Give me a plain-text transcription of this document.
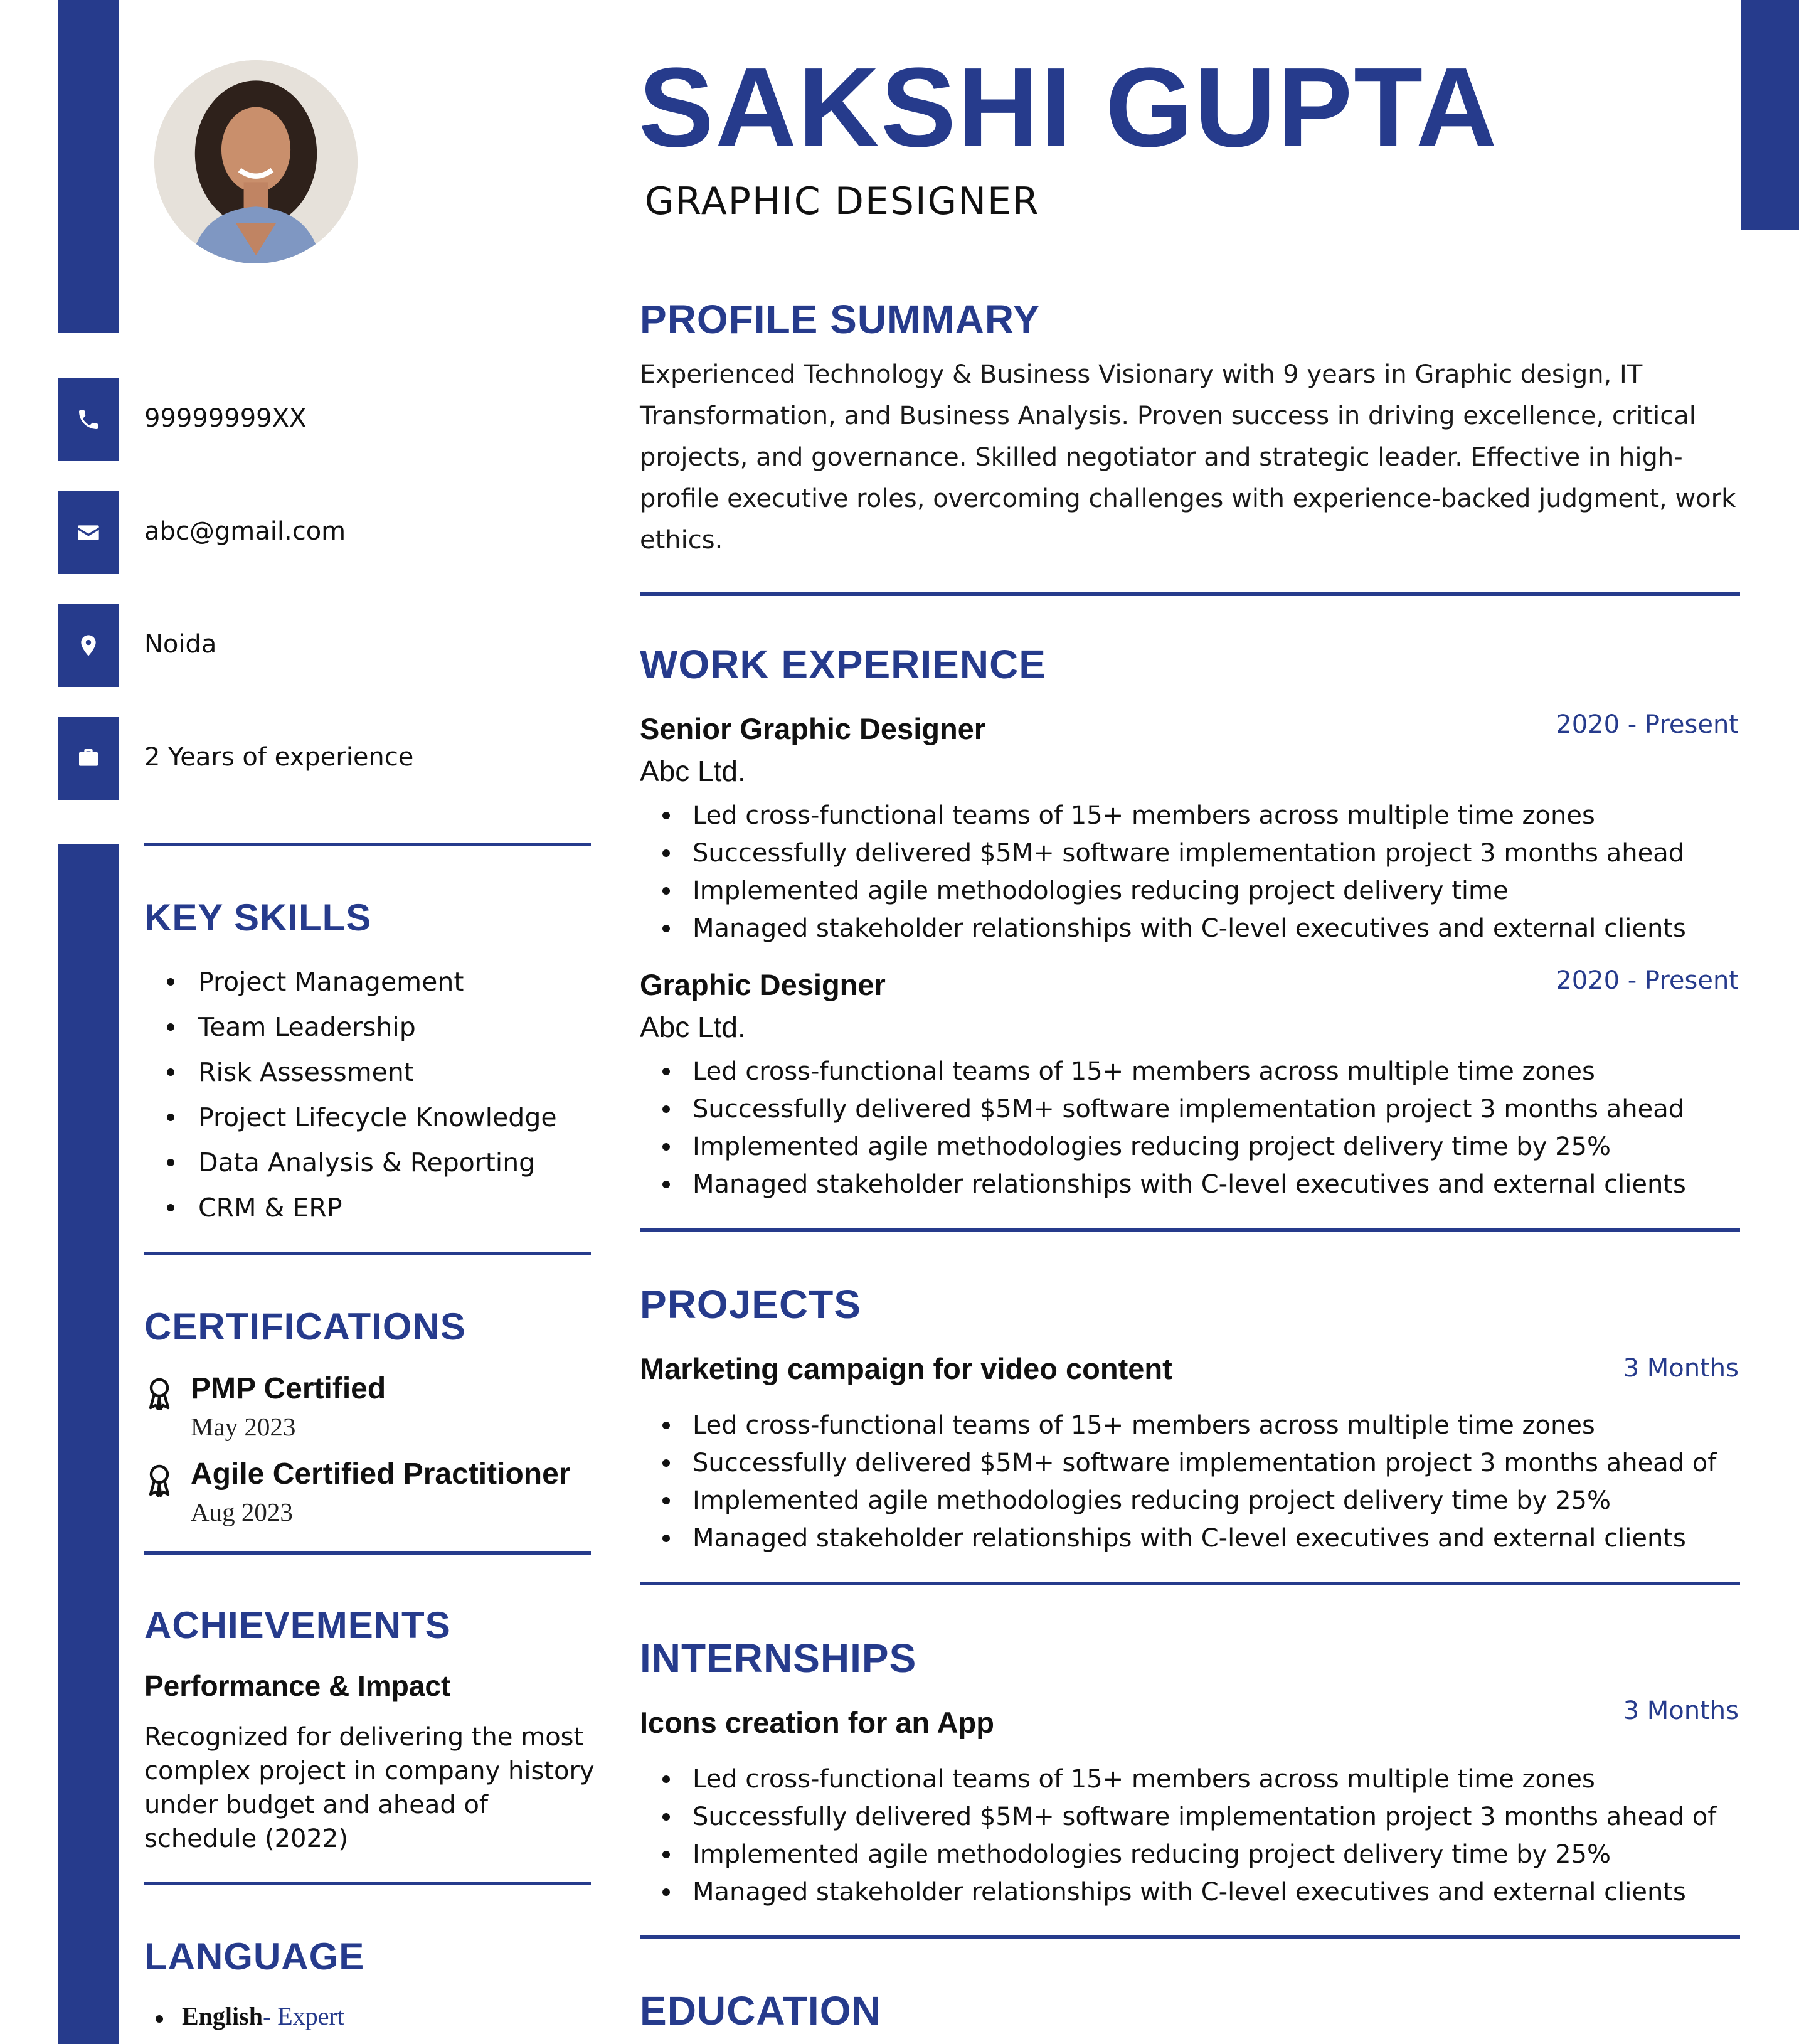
99999999XX
abc@gmail.com
Noida
2 Years of experience
KEY SKILLS
Project Management
Team Leadership
Risk Assessment
Project Lifecycle Knowledge
Data Analysis & Reporting
CRM & ERP
CERTIFICATIONS
PMP Certified
May 2023
Agile Certified Practitioner
Aug 2023
ACHIEVEMENTS
Performance & Impact
Recognized for delivering the most complex project in company history under budget and ahead of schedule (2022)
LANGUAGE
English- Expert
SAKSHI GUPTA
GRAPHIC DESIGNER
PROFILE SUMMARY
Experienced Technology & Business Visionary with 9 years in Graphic design, IT Transformation, and Business Analysis. Proven success in driving excellence, critical projects, and governance. Skilled negotiator and strategic leader. Effective in high-profile executive roles, overcoming challenges with experience-backed judgment, work ethics.
WORK EXPERIENCE
Senior Graphic Designer	2020 - Present
Abc Ltd.
Led cross-functional teams of 15+ members across multiple time zones
Successfully delivered $5M+ software implementation project 3 months ahead
Implemented agile methodologies reducing project delivery time
Managed stakeholder relationships with C-level executives and external clients
Graphic Designer	2020 - Present
Abc Ltd.
Led cross-functional teams of 15+ members across multiple time zones
Successfully delivered $5M+ software implementation project 3 months ahead
Implemented agile methodologies reducing project delivery time by 25%
Managed stakeholder relationships with C-level executives and external clients
PROJECTS
Marketing campaign for video content	3 Months
Led cross-functional teams of 15+ members across multiple time zones
Successfully delivered $5M+ software implementation project 3 months ahead of
Implemented agile methodologies reducing project delivery time by 25%
Managed stakeholder relationships with C-level executives and external clients
INTERNSHIPS
Icons creation for an App	3 Months
Led cross-functional teams of 15+ members across multiple time zones
Successfully delivered $5M+ software implementation project 3 months ahead of
Implemented agile methodologies reducing project delivery time by 25%
Managed stakeholder relationships with C-level executives and external clients
EDUCATION
